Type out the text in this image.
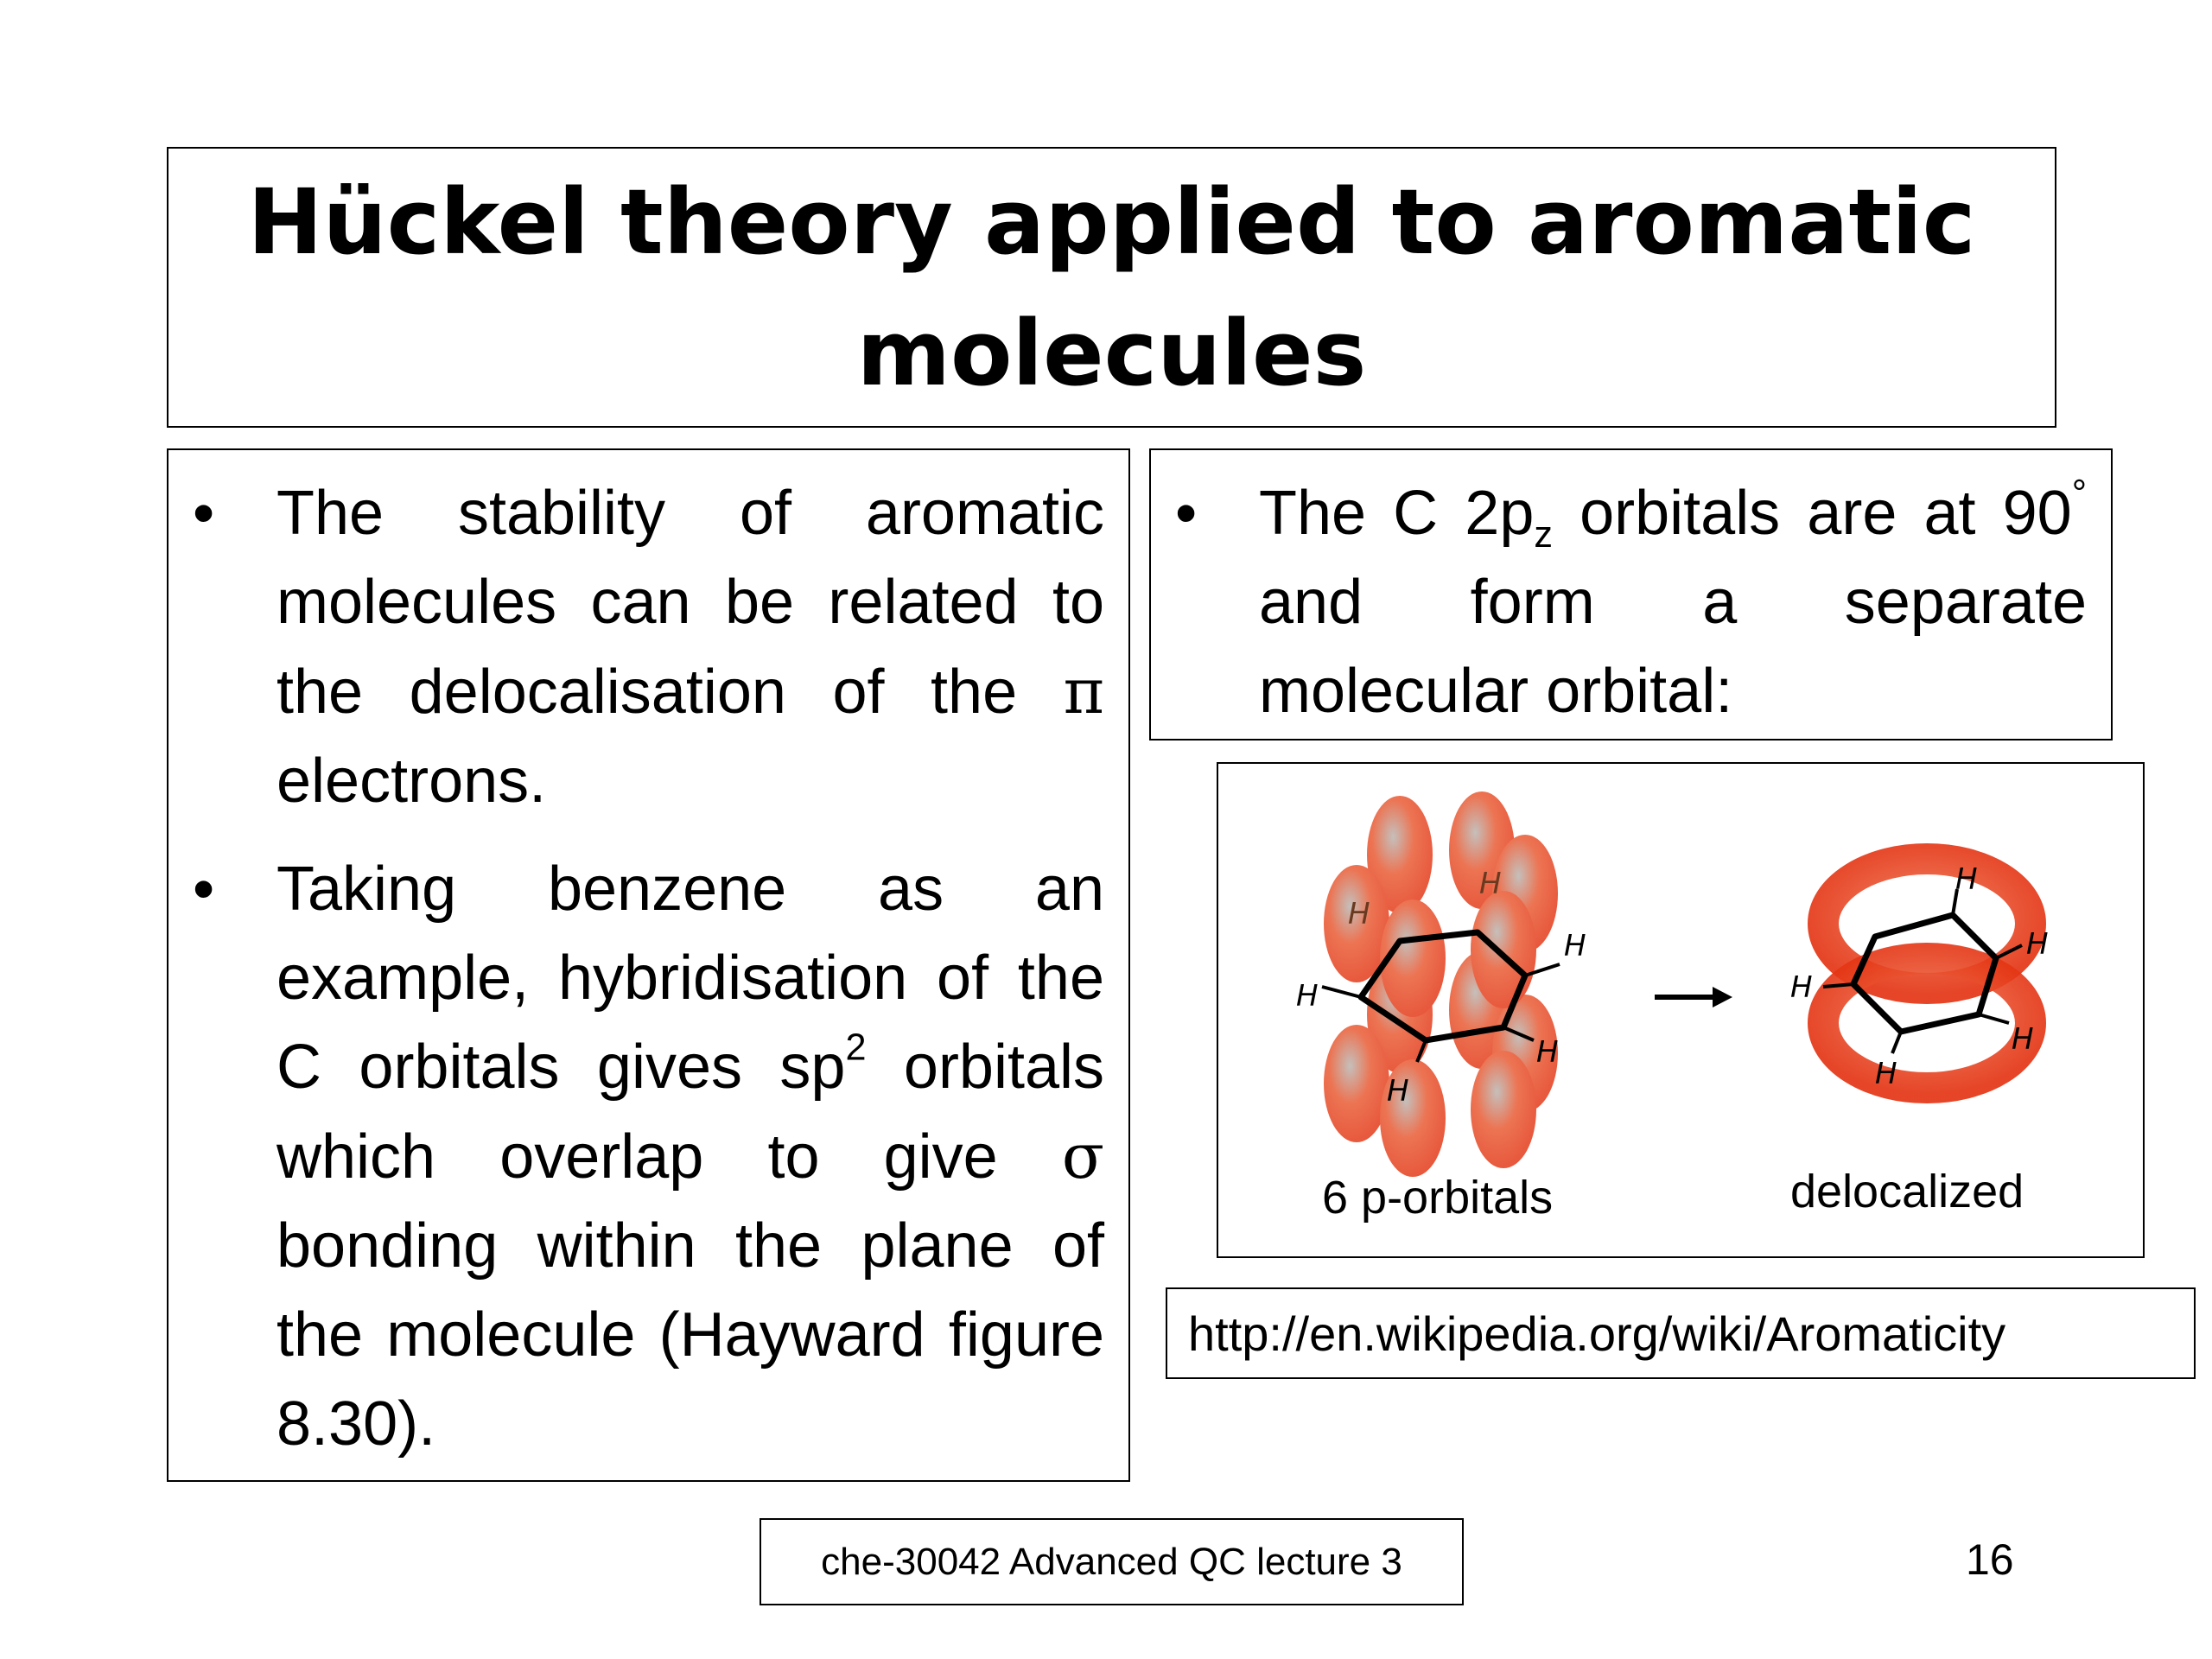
Hückel theory applied to aromatic molecules
• The stability of aromatic molecules can be related to the delocalisation of the π electrons.
• Taking benzene as an example, hybridisation of the C orbitals gives $sp^2$ orbitals which overlap to give σ bonding within the plane of the molecule (Hayward figure 8.30).
• The C $2p_z$ orbitals are at 90° and form a separate molecular orbital:
H
H
H
H
H
H
H
H
H
H
H
6 p-orbitals	delocalized
http://en.wikipedia.org/wiki/Aromaticity
che-30042 Advanced QC lecture 3	16
